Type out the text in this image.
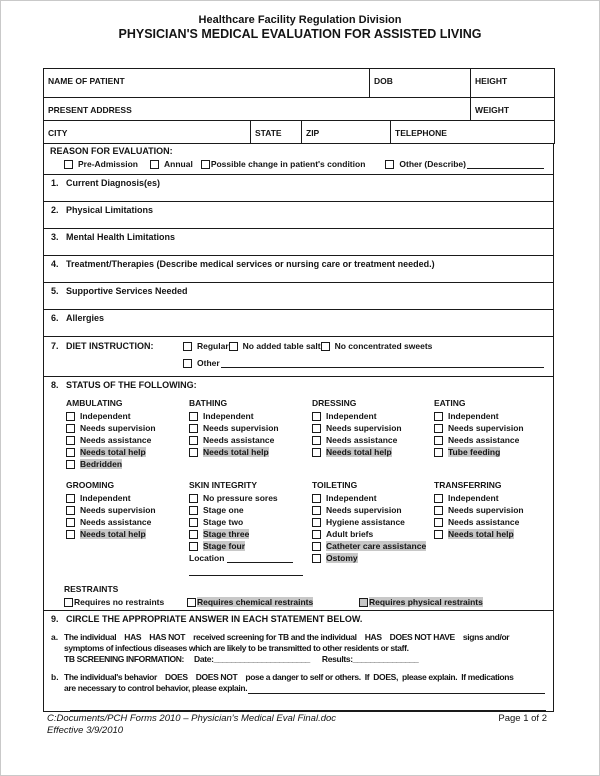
Healthcare Facility Regulation Division
PHYSICIAN'S MEDICAL EVALUATION FOR ASSISTED LIVING
NAME OF PATIENT			DOB		HEIGHT
PRESENT ADDRESS					WEIGHT
CITY	STATE	ZIP		TELEPHONE	
REASON FOR EVALUATION:
Pre-Admission	Annual Possible change in patient's condition	Other (Describe)
1. Current Diagnosis(es)
2. Physical Limitations
3. Mental Health Limitations
4. Treatment/Therapies (Describe medical services or nursing care or treatment needed.)
5. Supportive Services Needed
6. Allergies
7. DIET INSTRUCTION:	Regular No added table salt No concentrated sweets
Other
8. STATUS OF THE FOLLOWING:
AMBULATING
Independent
Needs supervision
Needs assistance
Needs total help
Bedridden
BATHING
Independent
Needs supervision
Needs assistance
Needs total help
DRESSING
Independent
Needs supervision
Needs assistance
Needs total help
EATING
Independent
Needs supervision
Needs assistance
Tube feeding
GROOMING
Independent
Needs supervision
Needs assistance
Needs total help
SKIN INTEGRITY
No pressure sores
Stage one
Stage two
Stage three
Stage four
Location
TOILETING
Independent
Needs supervision
Hygiene assistance
Adult briefs
Catheter care assistance
Ostomy
TRANSFERRING
Independent
Needs supervision
Needs assistance
Needs total help
RESTRAINTS
Requires no restraints	Requires chemical restraints	Requires physical restraints
9. CIRCLE THE APPROPRIATE ANSWER IN EACH STATEMENT BELOW.
a. The individual    HAS    HAS NOT    received screening for TB and the individual    HAS    DOES NOT HAVE    signs and/or
symptoms of infectious diseases which are likely to be transmitted to other residents or staff.
TB SCREENING INFORMATION:     Date:______________________      Results:_______________
b. The individual's behavior    DOES    DOES NOT    pose a danger to self or others.  If  DOES,  please explain.  If medications
are necessary to control behavior, please explain.
C:Documents/PCH Forms 2010 – Physician's Medical Eval Final.doc
Effective 3/9/2010
Page 1 of 2
